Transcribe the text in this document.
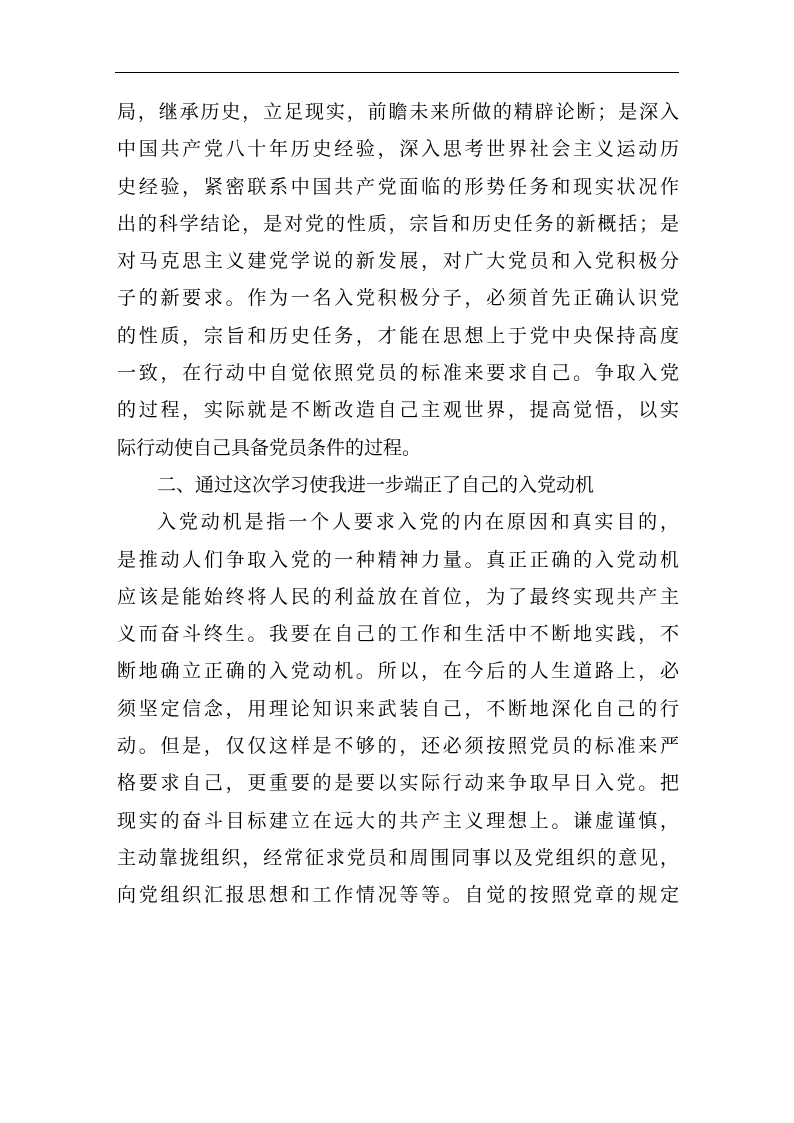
局，继承历史，立足现实，前瞻未来所做的精辟论断；是深入
中国共产党八十年历史经验，深入思考世界社会主义运动历
史经验，紧密联系中国共产党面临的形势任务和现实状况作
出的科学结论，是对党的性质，宗旨和历史任务的新概括；是
对马克思主义建党学说的新发展，对广大党员和入党积极分
子的新要求。作为一名入党积极分子，必须首先正确认识党
的性质，宗旨和历史任务，才能在思想上于党中央保持高度
一致，在行动中自觉依照党员的标准来要求自己。争取入党
的过程，实际就是不断改造自己主观世界，提高觉悟，以实
际行动使自己具备党员条件的过程。
二、通过这次学习使我进一步端正了自己的入党动机
入党动机是指一个人要求入党的内在原因和真实目的，
是推动人们争取入党的一种精神力量。真正正确的入党动机
应该是能始终将人民的利益放在首位，为了最终实现共产主
义而奋斗终生。我要在自己的工作和生活中不断地实践，不
断地确立正确的入党动机。所以，在今后的人生道路上，必
须坚定信念，用理论知识来武装自己，不断地深化自己的行
动。但是，仅仅这样是不够的，还必须按照党员的标准来严
格要求自己，更重要的是要以实际行动来争取早日入党。把
现实的奋斗目标建立在远大的共产主义理想上。谦虚谨慎，
主动靠拢组织，经常征求党员和周围同事以及党组织的意见，
向党组织汇报思想和工作情况等等。自觉的按照党章的规定
